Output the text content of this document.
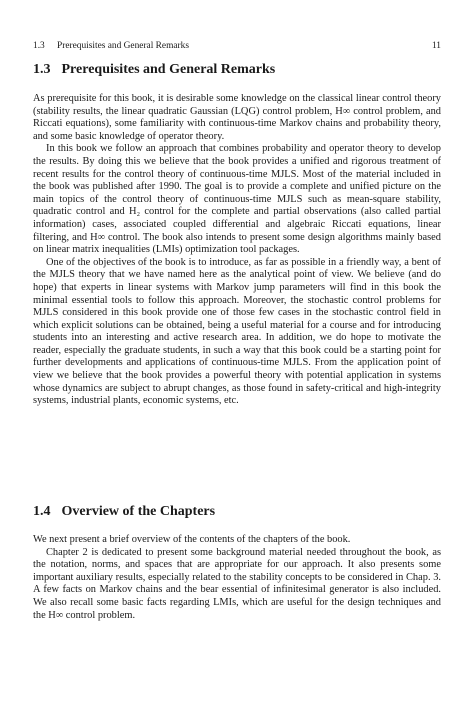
1.3 Prerequisites and General Remarks	11
1.3 Prerequisites and General Remarks

As prerequisite for this book, it is desirable some knowledge on the classical linear control theory (stability results, the linear quadratic Gaussian (LQG) control problem, H∞ control problem, and Riccati equations), some familiarity with continuous-time Markov chains and probability theory, and some basic knowledge of operator theory.

In this book we follow an approach that combines probability and operator theory to develop the results. By doing this we believe that the book provides a unified and rigorous treatment of recent results for the control theory of continuous-time MJLS. Most of the material included in the book was published after 1990. The goal is to provide a complete and unified picture on the main topics of the control theory of continuous-time MJLS such as mean-square stability, quadratic control and H₂ control for the complete and partial observations (also called partial information) cases, associated coupled differential and algebraic Riccati equations, linear filtering, and H∞ control. The book also intends to present some design algorithms mainly based on linear matrix inequalities (LMIs) optimization tool packages.

One of the objectives of the book is to introduce, as far as possible in a friendly way, a bent of the MJLS theory that we have named here as the analytical point of view. We believe (and do hope) that experts in linear systems with Markov jump parameters will find in this book the minimal essential tools to follow this approach. Moreover, the stochastic control problems for MJLS considered in this book provide one of those few cases in the stochastic control field in which explicit solutions can be obtained, being a useful material for a course and for introducing students into an interesting and active research area. In addition, we do hope to motivate the reader, especially the graduate students, in such a way that this book could be a starting point for further developments and applications of continuous-time MJLS. From the application point of view we believe that the book provides a powerful theory with potential application in systems whose dynamics are subject to abrupt changes, as those found in safety-critical and high-integrity systems, industrial plants, economic systems, etc.

1.4 Overview of the Chapters

We next present a brief overview of the contents of the chapters of the book.

Chapter 2 is dedicated to present some background material needed throughout the book, as the notation, norms, and spaces that are appropriate for our approach. It also presents some important auxiliary results, especially related to the stability concepts to be considered in Chap. 3. A few facts on Markov chains and the bear essential of infinitesimal generator is also included. We also recall some basic facts regarding LMIs, which are useful for the design techniques and the H∞ control problem.
